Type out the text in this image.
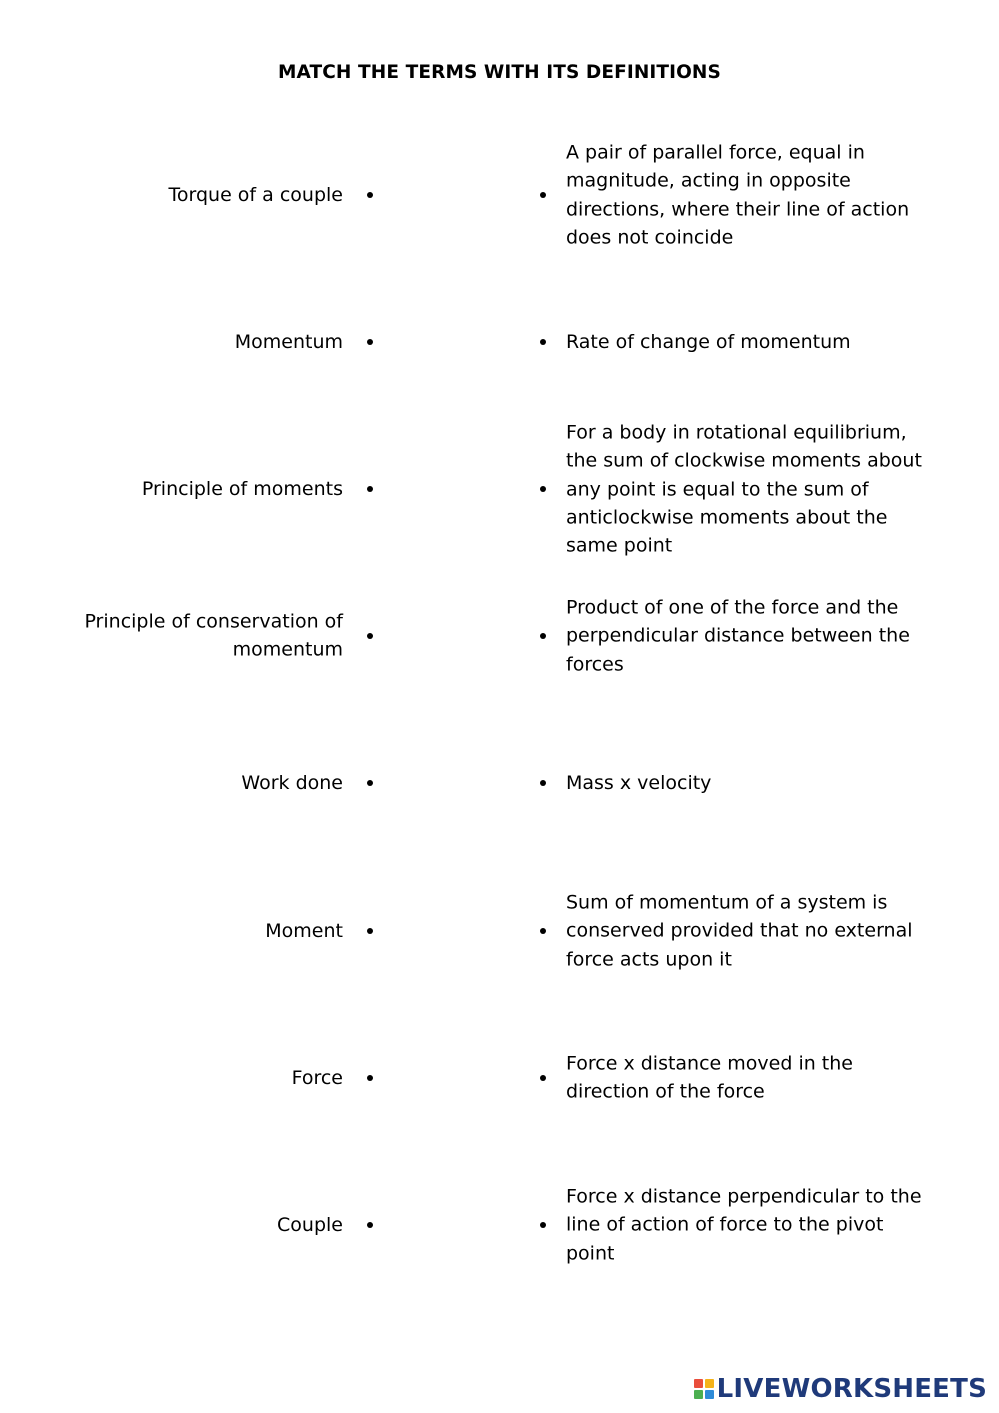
MATCH THE TERMS WITH ITS DEFINITIONS
Torque of a couple
A pair of parallel force, equal in magnitude, acting in opposite directions, where their line of action does not coincide
Momentum	Rate of change of momentum
Principle of moments
For a body in rotational equilibrium, the sum of clockwise moments about any point is equal to the sum of anticlockwise moments about the same point
Principle of conservation of momentum
Product of one of the force and the perpendicular distance between the forces
Work done	Mass x velocity
Moment
Sum of momentum of a system is conserved provided that no external force acts upon it
Force
Force x distance moved in the direction of the force
Couple
Force x distance perpendicular to the line of action of force to the pivot point
LIVEWORKSHEETS
